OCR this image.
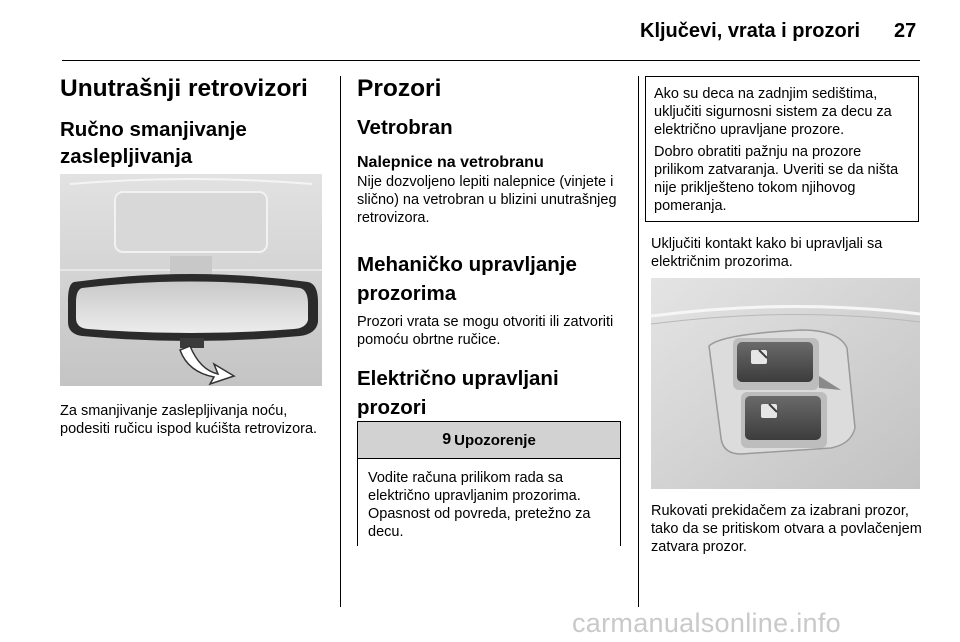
Ključevi, vrata i prozori 27
Unutrašnji retrovizori
Ručno smanjivanje zaslepljivanja
Za smanjivanje zaslepljivanja noću, podesiti ručicu ispod kućišta retrovizora.
Prozori
Vetrobran
Nalepnice na vetrobranu
Nije dozvoljeno lepiti nalepnice (vinjete i slično) na vetrobran u blizini unutrašnjeg retrovizora.
Mehaničko upravljanje prozorima
Prozori vrata se mogu otvoriti ili zatvoriti pomoću obrtne ručice.
Električno upravljani prozori
9 Upozorenje
Vodite računa prilikom rada sa električno upravljanim prozorima. Opasnost od povreda, pretežno za decu.
Ako su deca na zadnjim sedištima, uključiti sigurnosni sistem za decu za električno upravljane prozore.
Dobro obratiti pažnju na prozore prilikom zatvaranja. Uveriti se da ništa nije priklješteno tokom njihovog pomeranja.
Uključiti kontakt kako bi upravljali sa električnim prozorima.
Rukovati prekidačem za izabrani prozor, tako da se pritiskom otvara a povlačenjem zatvara prozor.
carmanualsonline.info
